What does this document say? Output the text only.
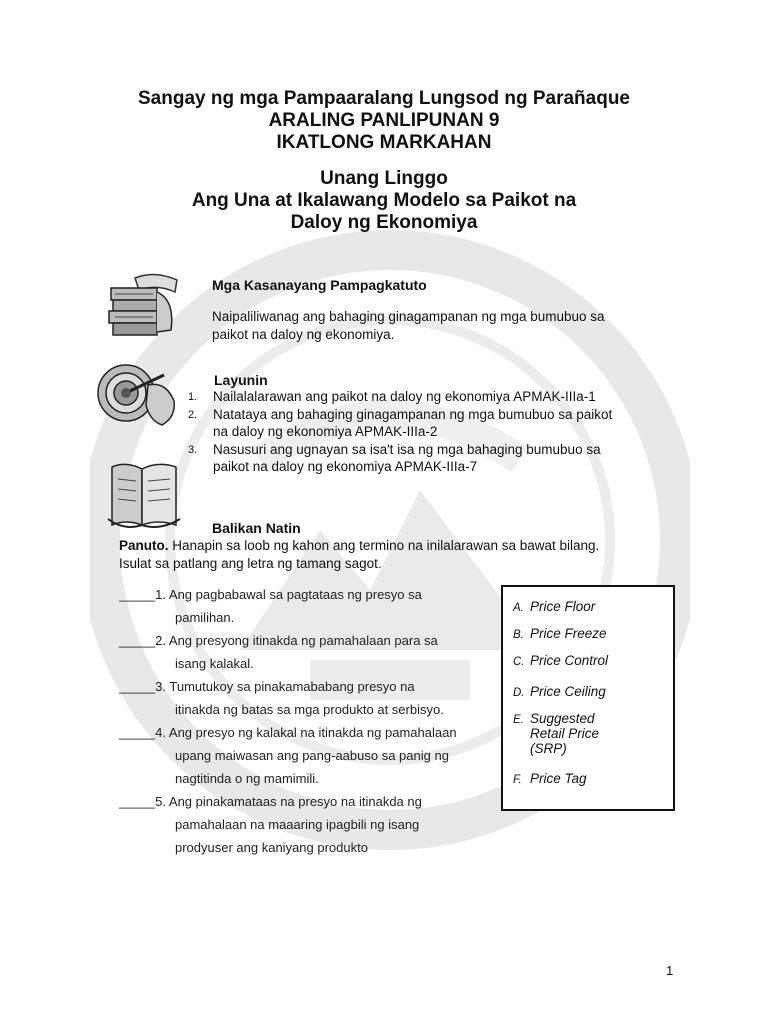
Sangay ng mga Pampaaralang Lungsod ng Parañaque
ARALING PANLIPUNAN 9
IKATLONG MARKAHAN
Unang Linggo
Ang Una at Ikalawang Modelo sa Paikot na
Daloy ng Ekonomiya
Mga Kasanayang Pampagkatuto
Naipaliliwanag ang bahaging ginagampanan ng mga bumubuo sa
paikot na daloy ng ekonomiya.
Layunin
1. Nailalalarawan ang paikot na daloy ng ekonomiya APMAK-IIIa-1
2. Natataya ang bahaging ginagampanan ng mga bumubuo sa paikot
na daloy ng ekonomiya APMAK-IIIa-2
3. Nasusuri ang ugnayan sa isa't isa ng mga bahaging bumubuo sa
paikot na daloy ng ekonomiya APMAK-IIIa-7
Balikan Natin
Panuto. Hanapin sa loob ng kahon ang termino na inilalarawan sa bawat bilang.
Isulat sa patlang ang letra ng tamang sagot.
_____1. Ang pagbabawal sa pagtataas ng presyo sa
pamilihan.
_____2. Ang presyong itinakda ng pamahalaan para sa
isang kalakal.
_____3. Tumutukoy sa pinakamababang presyo na
itinakda ng batas sa mga produkto at serbisyo.
_____4. Ang presyo ng kalakal na itinakda ng pamahalaan
upang maiwasan ang pang-aabuso sa panig ng
nagtitinda o ng mamimili.
_____5. Ang pinakamataas na presyo na itinakda ng
pamahalaan na maaaring ipagbili ng isang
prodyuser ang kaniyang produkto
A. Price Floor
B. Price Freeze
C. Price Control
D. Price Ceiling
E. Suggested Retail Price (SRP)
F. Price Tag
1
